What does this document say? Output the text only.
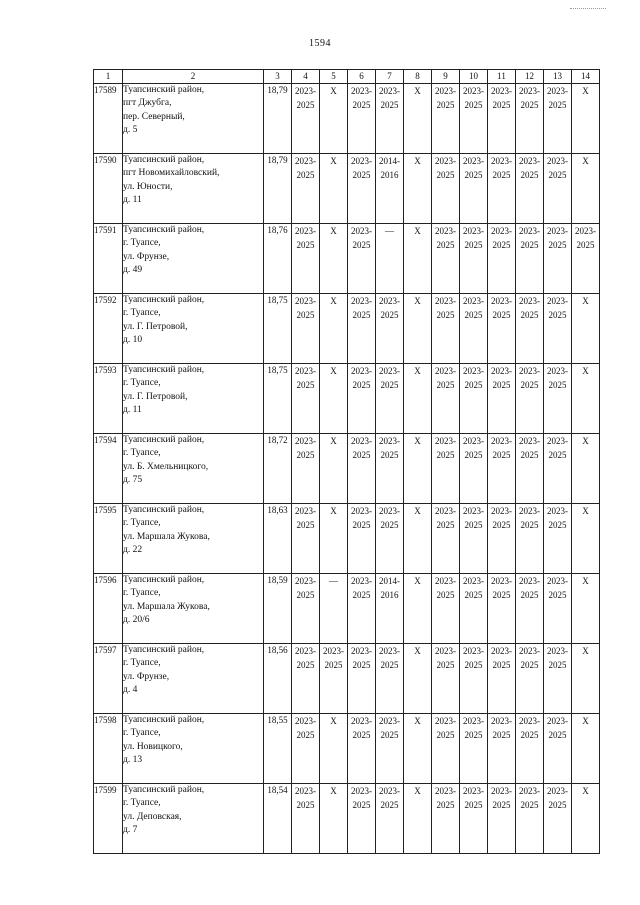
1594
1	2	3	4	5	6	7	8	9	10	11	12	13	14
17589	Туапсинский район,
пгт Джубга,
пер. Северный,
д. 5	18,79	2023-
2025	X	2023-
2025	2023-
2025	X	2023-
2025	2023-
2025	2023-
2025	2023-
2025	2023-
2025	X
17590	Туапсинский район,
пгт Новомихайловский,
ул. Юности,
д. 11	18,79	2023-
2025	X	2023-
2025	2014-
2016	X	2023-
2025	2023-
2025	2023-
2025	2023-
2025	2023-
2025	X
17591	Туапсинский район,
г. Туапсе,
ул. Фрунзе,
д. 49	18,76	2023-
2025	X	2023-
2025	—	X	2023-
2025	2023-
2025	2023-
2025	2023-
2025	2023-
2025	2023-
2025

17592	Туапсинский район,
г. Туапсе,
ул. Г. Петровой,
д. 10	18,75	2023-
2025	X	2023-
2025	2023-
2025	X	2023-
2025	2023-
2025	2023-
2025	2023-
2025	2023-
2025	X
17593	Туапсинский район,
г. Туапсе,
ул. Г. Петровой,
д. 11	18,75	2023-
2025	X	2023-
2025	2023-
2025	X	2023-
2025	2023-
2025	2023-
2025	2023-
2025	2023-
2025	X
17594	Туапсинский район,
г. Туапсе,
ул. Б. Хмельницкого,
д. 75	18,72	2023-
2025	X	2023-
2025	2023-
2025	X	2023-
2025	2023-
2025	2023-
2025	2023-
2025	2023-
2025	X
17595	Туапсинский район,
г. Туапсе,
ул. Маршала Жукова,
д. 22	18,63	2023-
2025	X	2023-
2025	2023-
2025	X	2023-
2025	2023-
2025	2023-
2025	2023-
2025	2023-
2025	X
17596	Туапсинский район,
г. Туапсе,
ул. Маршала Жукова,
д. 20/6	18,59	2023-
2025	—	2023-
2025	2014-
2016	X	2023-
2025	2023-
2025	2023-
2025	2023-
2025	2023-
2025	X
17597	Туапсинский район,
г. Туапсе,
ул. Фрунзе,
д. 4	18,56	2023-
2025	2023-
2025	2023-
2025	2023-
2025	X	2023-
2025	2023-
2025	2023-
2025	2023-
2025	2023-
2025	X
17598	Туапсинский район,
г. Туапсе,
ул. Новицкого,
д. 13	18,55	2023-
2025	X	2023-
2025	2023-
2025	X	2023-
2025	2023-
2025	2023-
2025	2023-
2025	2023-
2025	X
17599	Туапсинский район,
г. Туапсе,
ул. Деповская,
д. 7	18,54	2023-
2025	X	2023-
2025	2023-
2025	X	2023-
2025	2023-
2025	2023-
2025	2023-
2025	2023-
2025	X
